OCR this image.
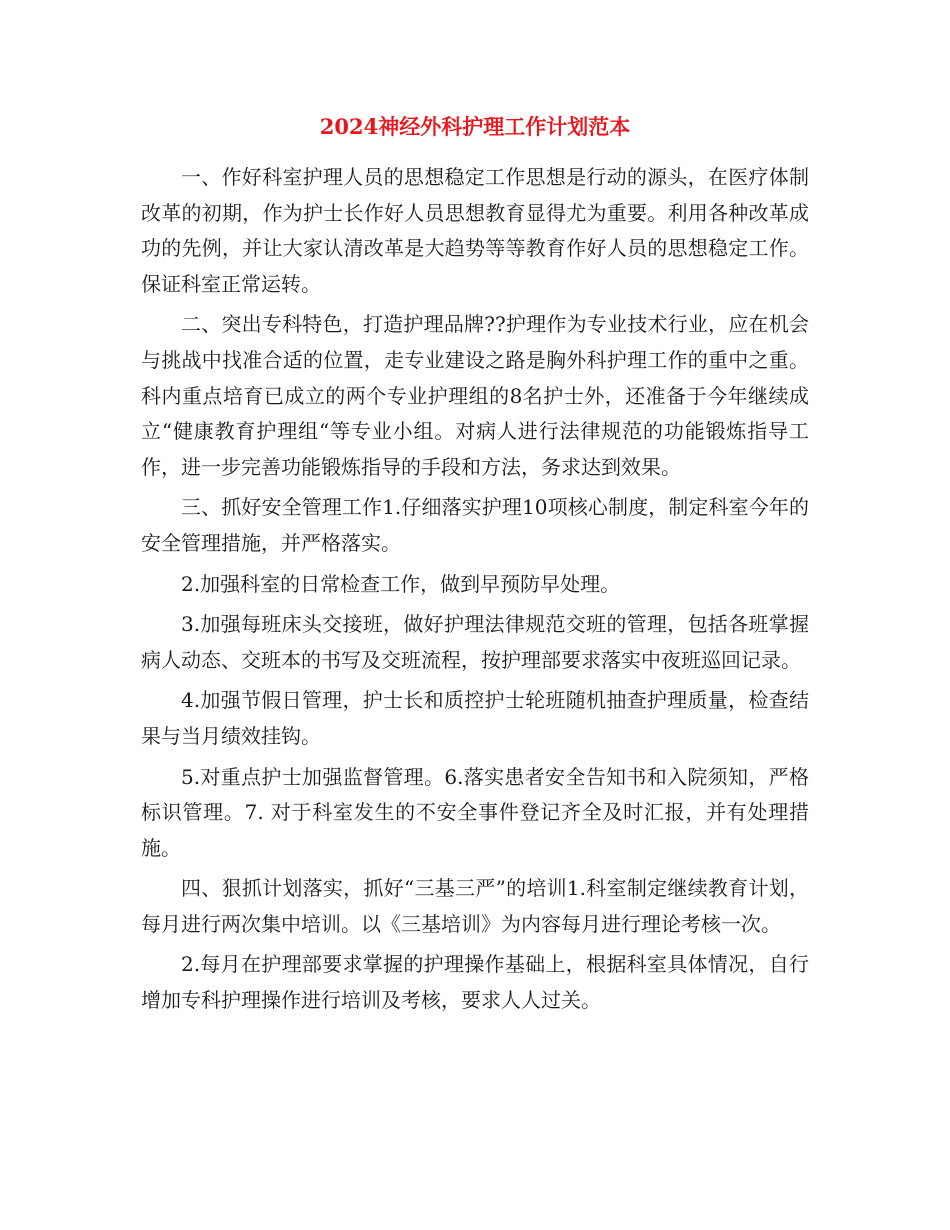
2024神经外科护理工作计划范本

一、作好科室护理人员的思想稳定工作思想是行动的源头，在医疗体制改革的初期，作为护士长作好人员思想教育显得尤为重要。利用各种改革成功的先例，并让大家认清改革是大趋势等等教育作好人员的思想稳定工作。保证科室正常运转。

二、突出专科特色，打造护理品牌??护理作为专业技术行业，应在机会与挑战中找准合适的位置，走专业建设之路是胸外科护理工作的重中之重。 科内重点培育已成立的两个专业护理组的8名护士外，还准备于今年继续成立“健康教育护理组“等专业小组。对病人进行法律规范的功能锻炼指导工作，进一步完善功能锻炼指导的手段和方法，务求达到效果。

三、抓好安全管理工作1.仔细落实护理10项核心制度，制定科室今年的安全管理措施，并严格落实。

2.加强科室的日常检查工作，做到早预防早处理。

3.加强每班床头交接班，做好护理法律规范交班的管理，包括各班掌握病人动态、交班本的书写及交班流程，按护理部要求落实中夜班巡回记录。

4.加强节假日管理，护士长和质控护士轮班随机抽查护理质量，检查结果与当月绩效挂钩。

5.对重点护士加强监督管理。6.落实患者安全告知书和入院须知，严格标识管理。7. 对于科室发生的不安全事件登记齐全及时汇报，并有处理措施。

四、狠抓计划落实，抓好“三基三严”的培训1.科室制定继续教育计划，每月进行两次集中培训。以《三基培训》为内容每月进行理论考核一次。

2.每月在护理部要求掌握的护理操作基础上，根据科室具体情况，自行增加专科护理操作进行培训及考核，要求人人过关。
